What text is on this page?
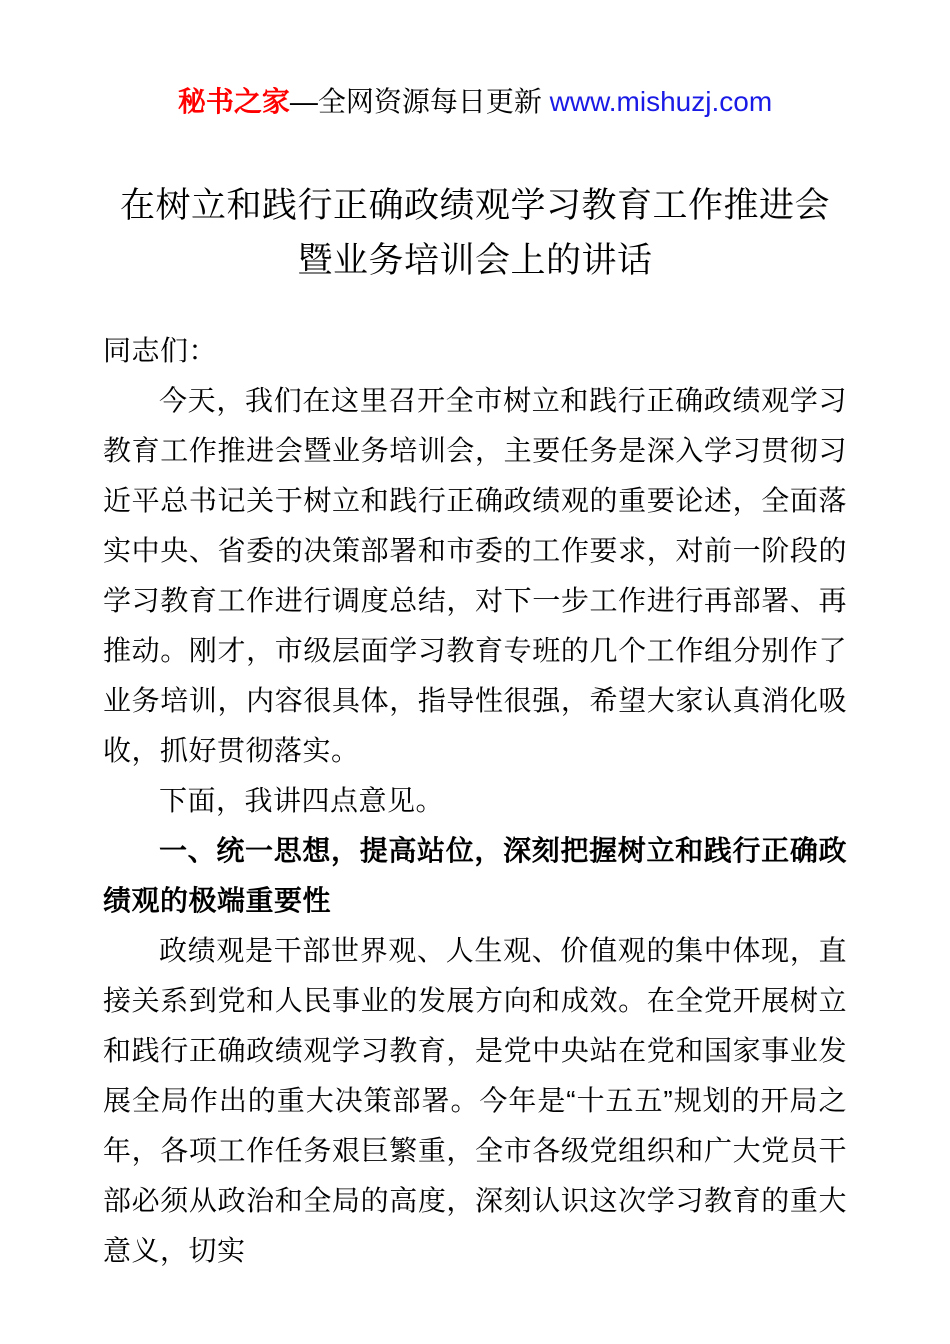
秘书之家—全网资源每日更新 www.mishuzj.com
在树立和践行正确政绩观学习教育工作推进会
暨业务培训会上的讲话

同志们：

今天，我们在这里召开全市树立和践行正确政绩观学习教育工作推进会暨业务培训会，主要任务是深入学习贯彻习近平总书记关于树立和践行正确政绩观的重要论述，全面落实中央、省委的决策部署和市委的工作要求，对前一阶段的学习教育工作进行调度总结，对下一步工作进行再部署、再推动。刚才，市级层面学习教育专班的几个工作组分别作了业务培训，内容很具体，指导性很强，希望大家认真消化吸收，抓好贯彻落实。

下面，我讲四点意见。

一、统一思想，提高站位，深刻把握树立和践行正确政绩观的极端重要性

政绩观是干部世界观、人生观、价值观的集中体现，直接关系到党和人民事业的发展方向和成效。在全党开展树立和践行正确政绩观学习教育，是党中央站在党和国家事业发展全局作出的重大决策部署。今年是“十五五”规划的开局之年，各项工作任务艰巨繁重，全市各级党组织和广大党员干部必须从政治和全局的高度，深刻认识这次学习教育的重大意义，切实
